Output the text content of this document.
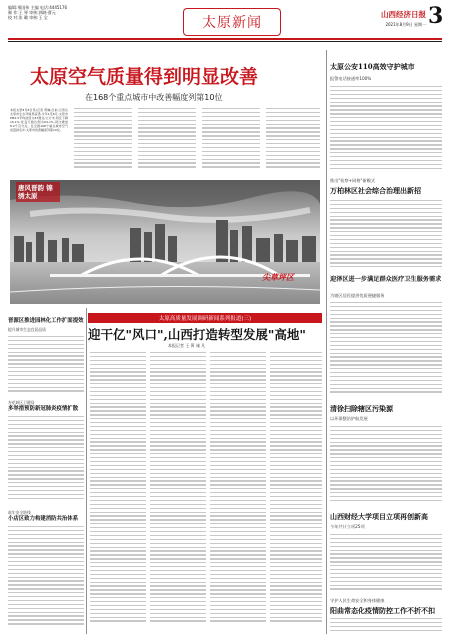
编辑:邢国伟 主编 电话:4445176
制 作:王 琴 审核:郭晓·曹元
校 对:张 璐 审核:王 宝	太原新闻
山西经济日报
2021年8月9日 星期一 3
太原空气质量得到明显改善
在168个重点城市中改善幅度列第10位
本报太原8月8日讯(记者 贾琳)日前,记者从太原市生态环境局获悉,今年1至6月,太原市PM2.5平均浓度为47微克/立方米,同比下降16.1%;优良天数比例为64.1%,同比增加8.2个百分点。在全国168个重点城市空气质量排名中,太原市改善幅度列第10位。
唐风晋韵 锦绣太原
尖草坪区
太原高质量发展调研新闻系列报道(三)
迎干亿"风口",山西打造转型发展"高地"
本报记者 王 箐 诚 凡
晋源区推进园林化工作扩面提效
提升城市生态宜居品质
杏花岭区卫健局
多举措预防新冠肺炎疫情扩散
筑牢安全防线
小店区致力构建消防共治体系
太原公安110高效守护城市
报警电话接通率100%
推出"检察+网格"新模式
万柏林区社会综合治理出新招
迎泽区进一步满足群众医疗卫生服务需求
为辖区居民提供优质便捷服务
清徐扫除辖区污染源
以环保整治护航发展
山西财经大学项目立项再创新高
今年共计立项25项
守护人民生命安全和身体健康
阳曲常态化疫情防控工作不折不扣
